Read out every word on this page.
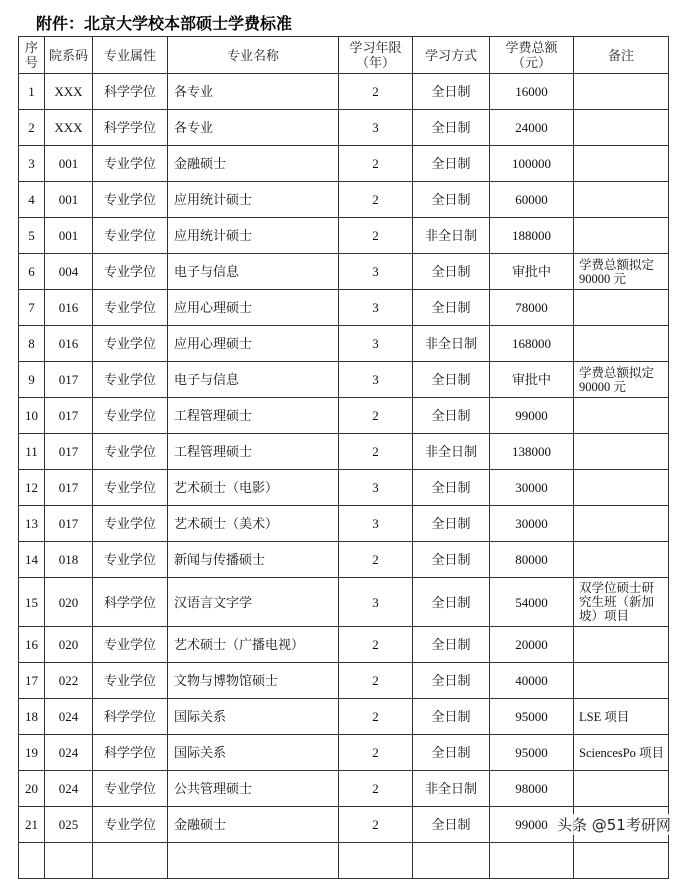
附件：北京大学校本部硕士学费标准
序号	院系码	专业属性	专业名称	学习年限（年）	学习方式	学费总额（元）	备注
1	XXX	科学学位	各专业	2	全日制	16000	
2	XXX	科学学位	各专业	3	全日制	24000	
3	001	专业学位	金融硕士	2	全日制	100000	
4	001	专业学位	应用统计硕士	2	全日制	60000	
5	001	专业学位	应用统计硕士	2	非全日制	188000	
6	004	专业学位	电子与信息	3	全日制	审批中	学费总额拟定90000 元
7	016	专业学位	应用心理硕士	3	全日制	78000	
8	016	专业学位	应用心理硕士	3	非全日制	168000	
9	017	专业学位	电子与信息	3	全日制	审批中	学费总额拟定90000 元
10	017	专业学位	工程管理硕士	2	全日制	99000	
11	017	专业学位	工程管理硕士	2	非全日制	138000	
12	017	专业学位	艺术硕士（电影）	3	全日制	30000	
13	017	专业学位	艺术硕士（美术）	3	全日制	30000	
14	018	专业学位	新闻与传播硕士	2	全日制	80000	
15	020	科学学位	汉语言文字学	3	全日制	54000	双学位硕士研究生班（新加坡）项目
16	020	专业学位	艺术硕士（广播电视）	2	全日制	20000	
17	022	专业学位	文物与博物馆硕士	2	全日制	40000	
18	024	科学学位	国际关系	2	全日制	95000	LSE 项目
19	024	科学学位	国际关系	2	全日制	95000	SciencesPo 项目
20	024	专业学位	公共管理硕士	2	非全日制	98000	
21	025	专业学位	金融硕士	2	全日制	99000	
							头条 @51考研网
